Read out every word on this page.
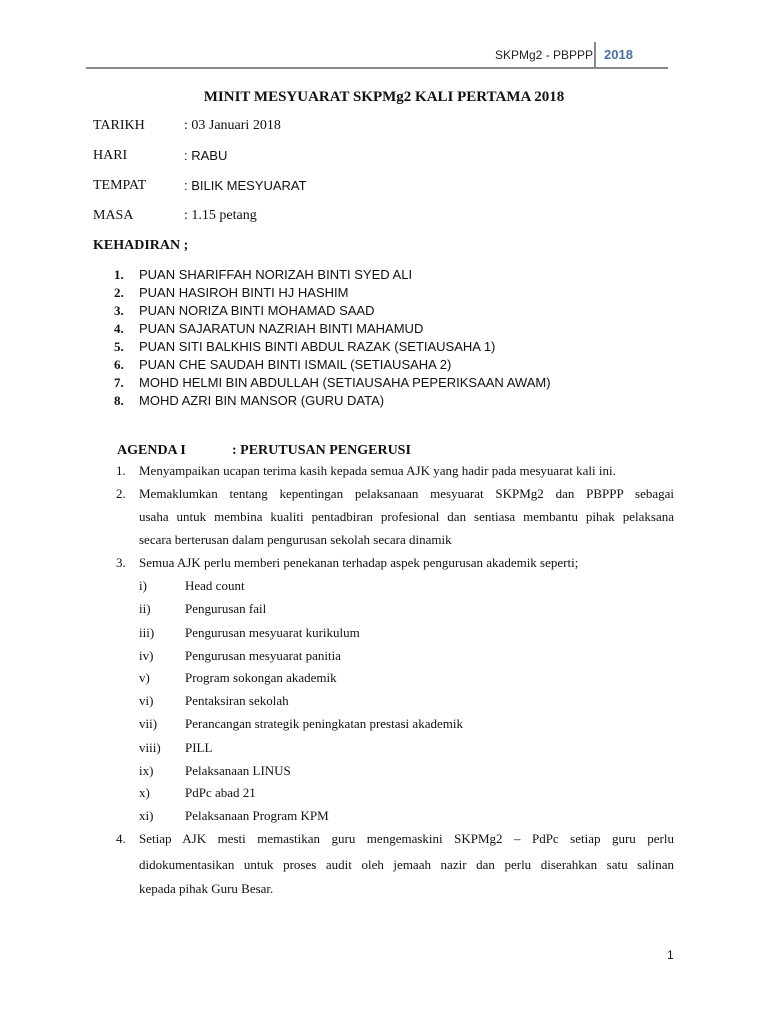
SKPMg2 - PBPPP 2018
MINIT MESYUARAT SKPMg2 KALI PERTAMA 2018
TARIKH	: 03 Januari 2018
HARI	: RABU
TEMPAT	: BILIK MESYUARAT
MASA	: 1.15 petang
KEHADIRAN ;
1. PUAN SHARIFFAH NORIZAH BINTI SYED ALI
2. PUAN HASIROH BINTI HJ HASHIM
3. PUAN NORIZA BINTI MOHAMAD SAAD
4. PUAN SAJARATUN NAZRIAH BINTI MAHAMUD
5. PUAN SITI BALKHIS BINTI ABDUL RAZAK (SETIAUSAHA 1)
6. PUAN CHE SAUDAH BINTI ISMAIL (SETIAUSAHA 2)
7. MOHD HELMI BIN ABDULLAH (SETIAUSAHA PEPERIKSAAN AWAM)
8. MOHD AZRI BIN MANSOR (GURU DATA)
AGENDA I	: PERUTUSAN PENGERUSI
1. Menyampaikan ucapan terima kasih kepada semua AJK yang hadir pada mesyuarat kali ini.
2. Memaklumkan tentang kepentingan pelaksanaan mesyuarat SKPMg2 dan PBPPP sebagai
usaha untuk membina kualiti pentadbiran profesional dan sentiasa membantu pihak pelaksana
secara berterusan dalam pengurusan sekolah secara dinamik
3. Semua AJK perlu memberi penekanan terhadap aspek pengurusan akademik seperti;
i)	Head count
ii)	Pengurusan fail
iii) Pengurusan mesyuarat kurikulum
iv) Pengurusan mesyuarat panitia
v)	Program sokongan akademik
vi) Pentaksiran sekolah
vii) Perancangan strategik peningkatan prestasi akademik
viii) PILL
ix) Pelaksanaan LINUS
x)	PdPc abad 21
xi) Pelaksanaan Program KPM
4. Setiap AJK mesti memastikan guru mengemaskini SKPMg2 – PdPc setiap guru perlu
didokumentasikan untuk proses audit oleh jemaah nazir dan perlu diserahkan satu salinan
kepada pihak Guru Besar.
1
